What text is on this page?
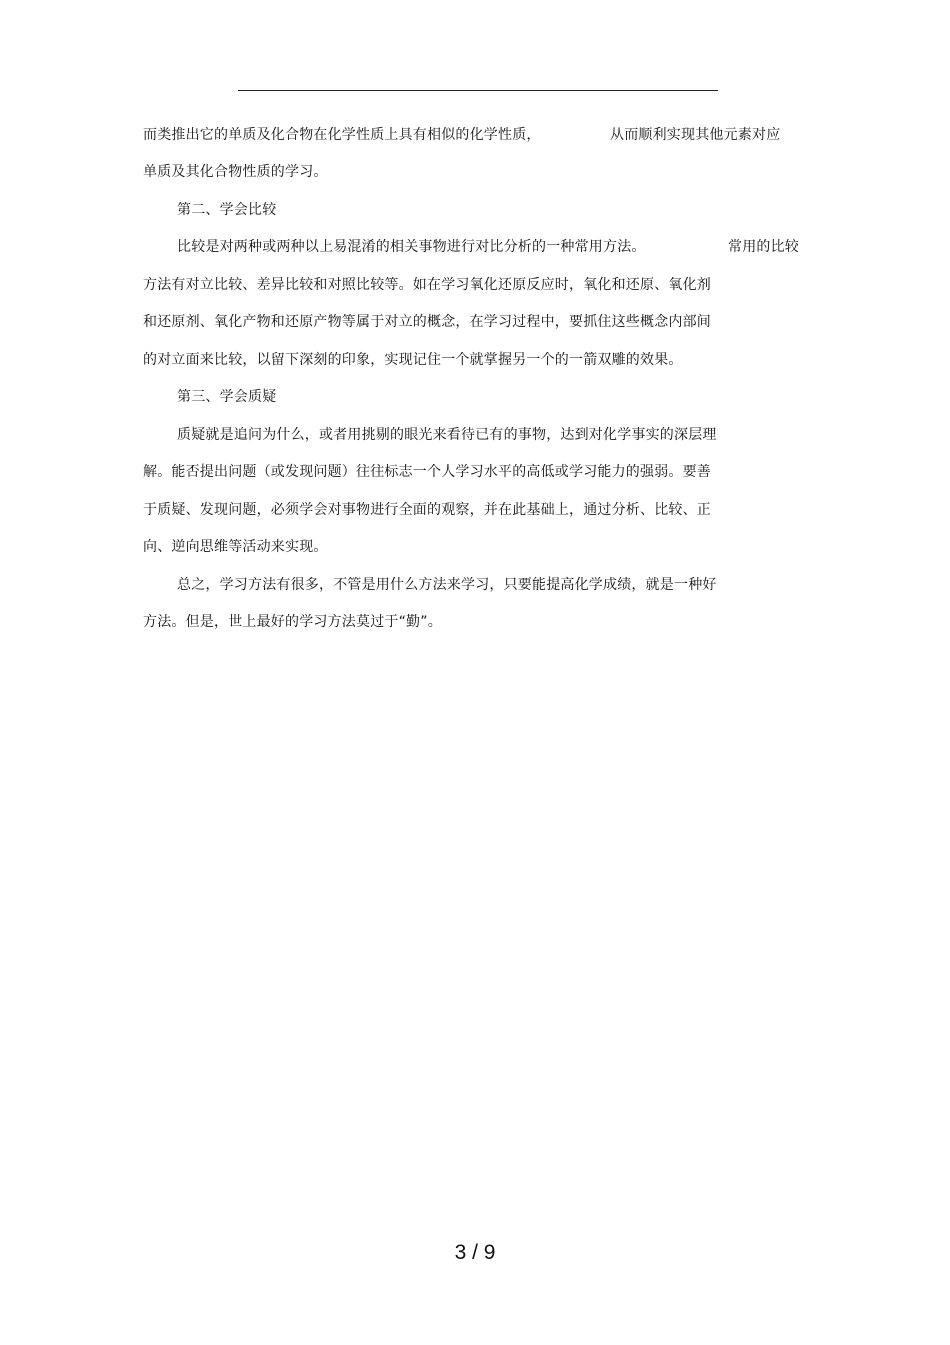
而类推出它的单质及化合物在化学性质上具有相似的化学性质，	从而顺利实现其他元素对应
单质及其化合物性质的学习。
第二、学会比较
比较是对两种或两种以上易混淆的相关事物进行对比分析的一种常用方法。	常用的比较
方法有对立比较、差异比较和对照比较等。如在学习氧化还原反应时，氧化和还原、氧化剂
和还原剂、氧化产物和还原产物等属于对立的概念，在学习过程中，要抓住这些概念内部间
的对立面来比较，以留下深刻的印象，实现记住一个就掌握另一个的一箭双雕的效果。
第三、学会质疑
质疑就是追问为什么，或者用挑剔的眼光来看待已有的事物，达到对化学事实的深层理
解。能否提出问题（或发现问题）往往标志一个人学习水平的高低或学习能力的强弱。要善
于质疑、发现问题，必须学会对事物进行全面的观察，并在此基础上，通过分析、比较、正
向、逆向思维等活动来实现。
总之，学习方法有很多，不管是用什么方法来学习，只要能提高化学成绩，就是一种好
方法。但是，世上最好的学习方法莫过于“勤”。
3 / 9
